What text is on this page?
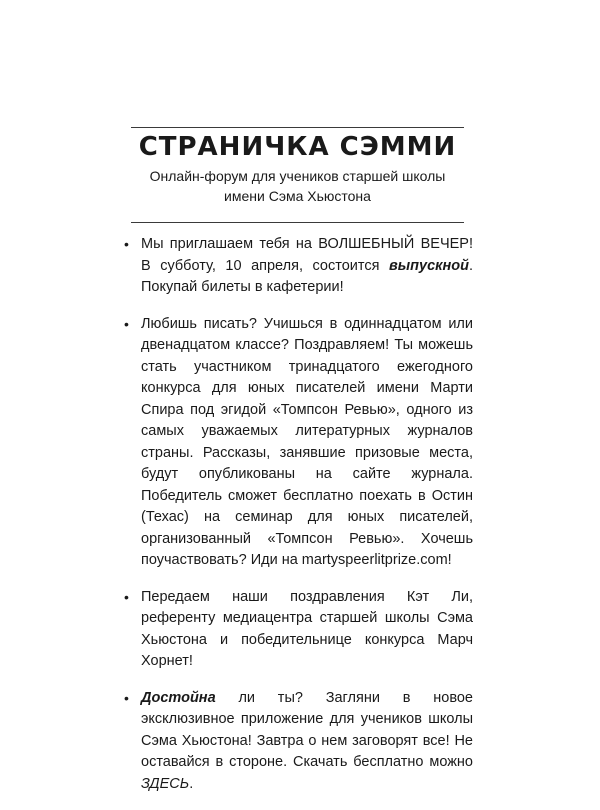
СТРАНИЧКА СЭММИ
Онлайн-форум для учеников старшей школы
имени Сэма Хьюстона
• Мы приглашаем тебя на ВОЛШЕБНЫЙ ВЕЧЕР! В субботу, 10 апреля, состоится выпускной. Покупай билеты в кафетерии!
• Любишь писать? Учишься в одиннадцатом или двенадцатом классе? Поздравляем! Ты можешь стать участником тринадцатого ежегодного конкурса для юных писателей имени Марти Спира под эгидой «Томпсон Ревью», одного из самых уважаемых литературных журналов страны. Рассказы, занявшие призовые места, будут опубликованы на сайте журнала. Победитель сможет бесплатно поехать в Остин (Техас) на семинар для юных писателей, организованный «Томпсон Ревью». Хочешь поучаствовать? Иди на martyspeerlitprize.com!
• Передаем наши поздравления Кэт Ли, референту медиацентра старшей школы Сэма Хьюстона и победительнице конкурса Марч Хорнет!
• Достойна ли ты? Загляни в новое эксклюзивное приложение для учеников школы Сэма Хьюстона! Завтра о нем заговорят все! Не оставайся в стороне. Скачать бесплатно можно ЗДЕСЬ.
